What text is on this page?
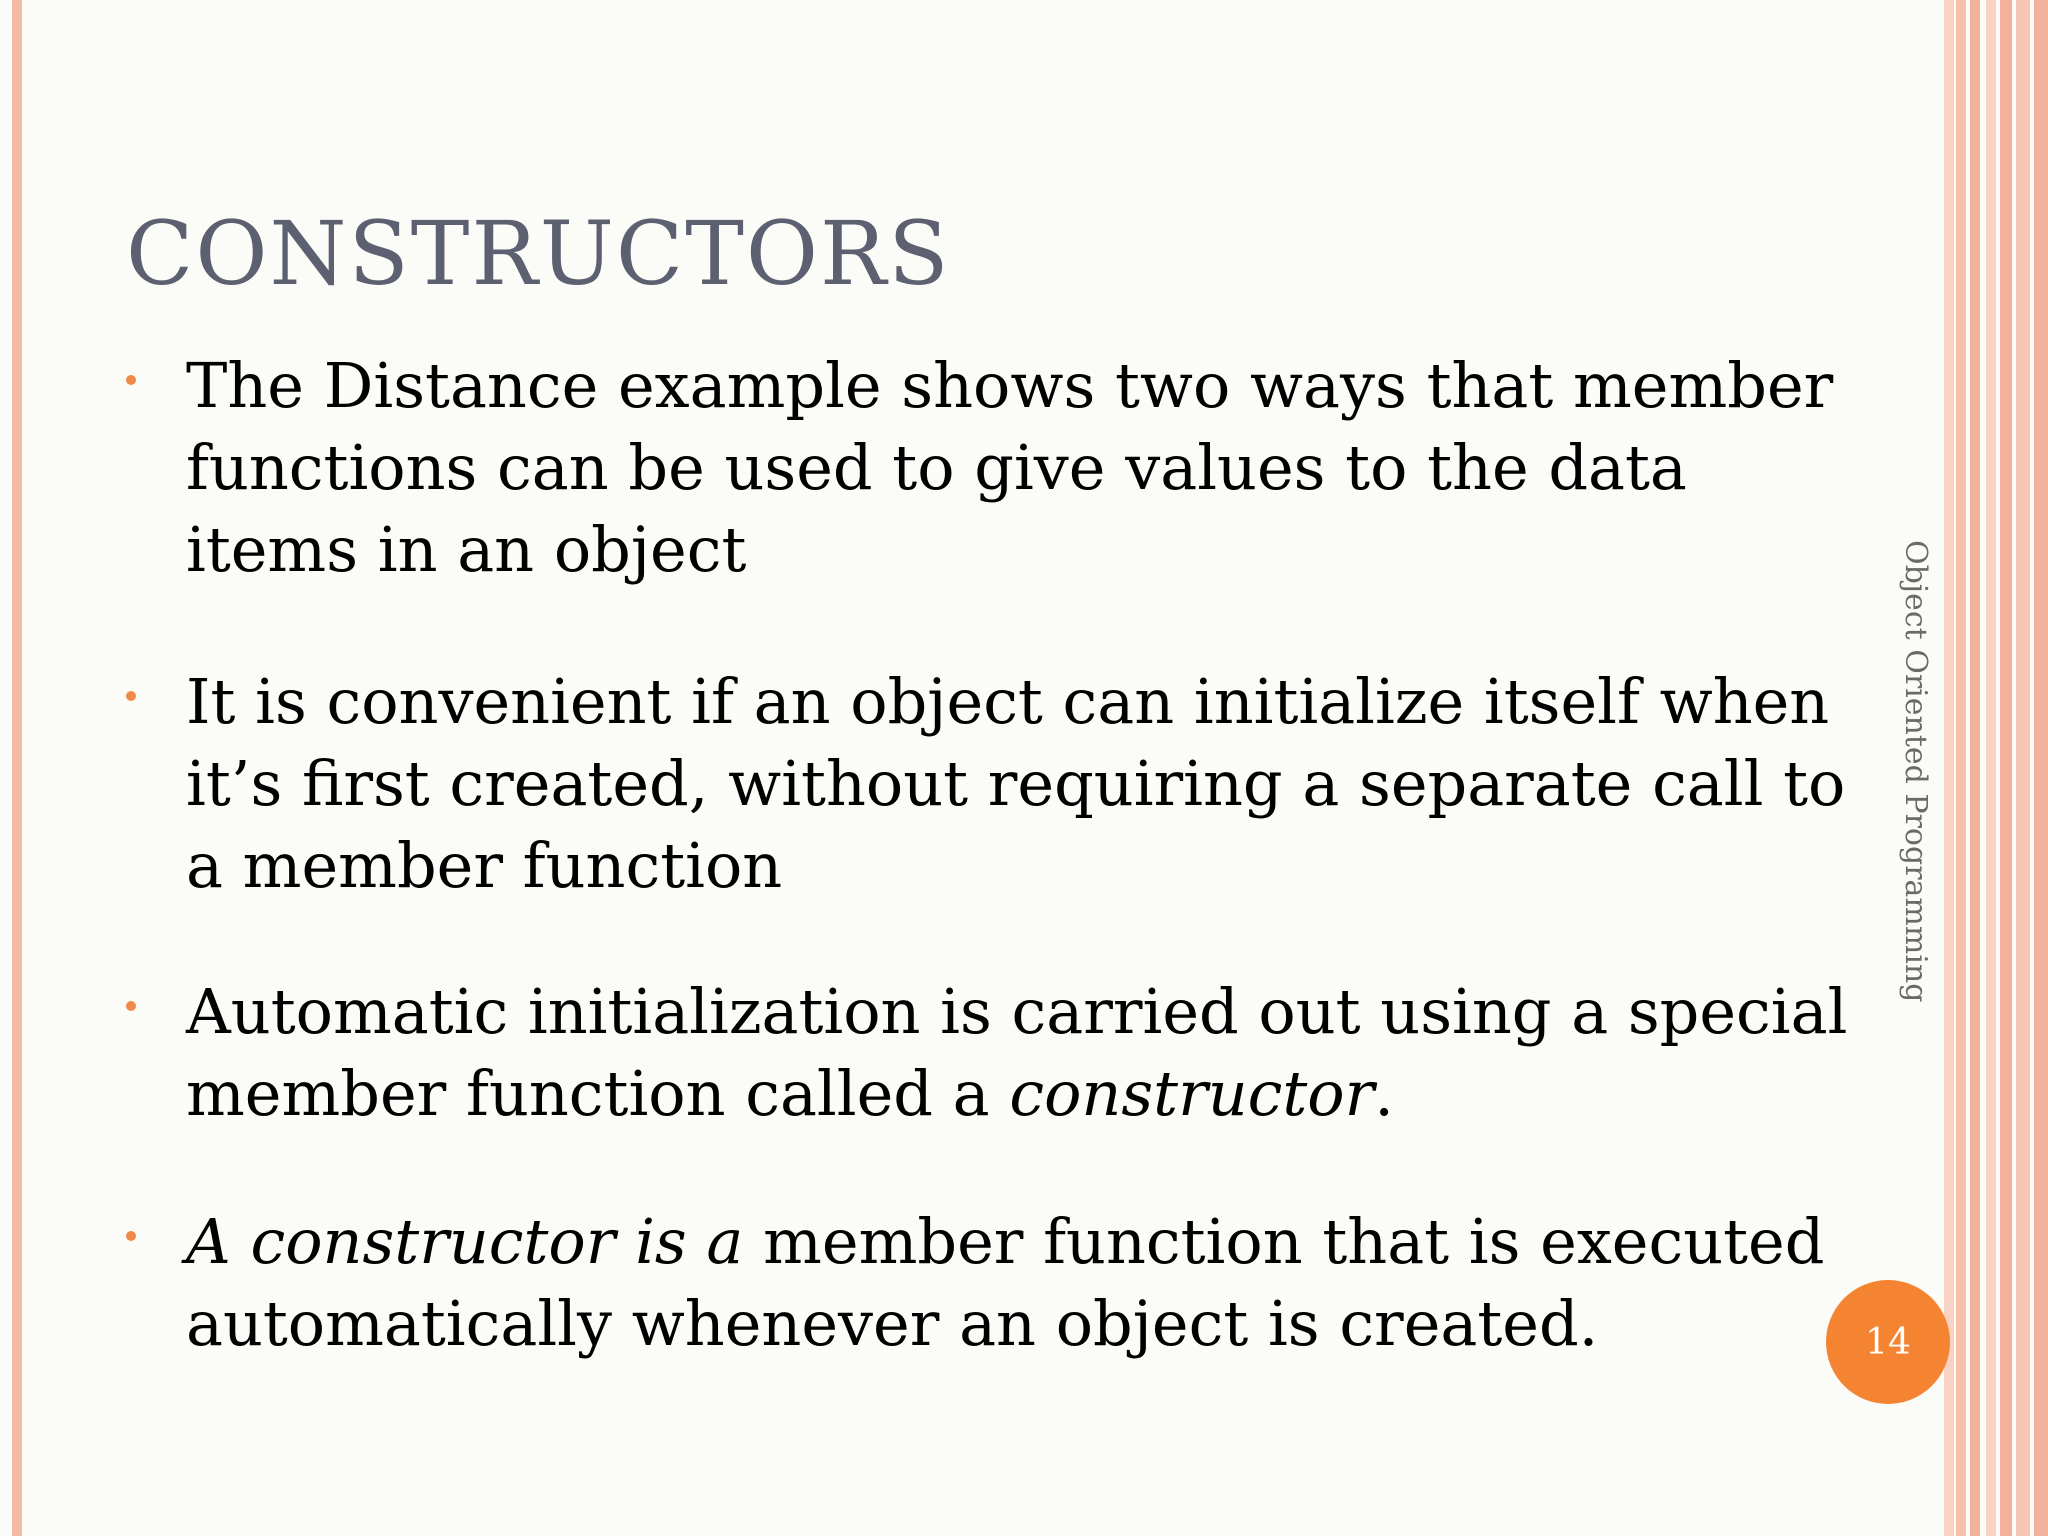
CONSTRUCTORS
The Distance example shows two ways that member functions can be used to give values to the data items in an object
It is convenient if an object can initialize itself when it’s first created, without requiring a separate call to a member function
Automatic initialization is carried out using a special member function called a constructor.
A constructor is a member function that is executed automatically whenever an object is created.
Object Oriented Programming
14
